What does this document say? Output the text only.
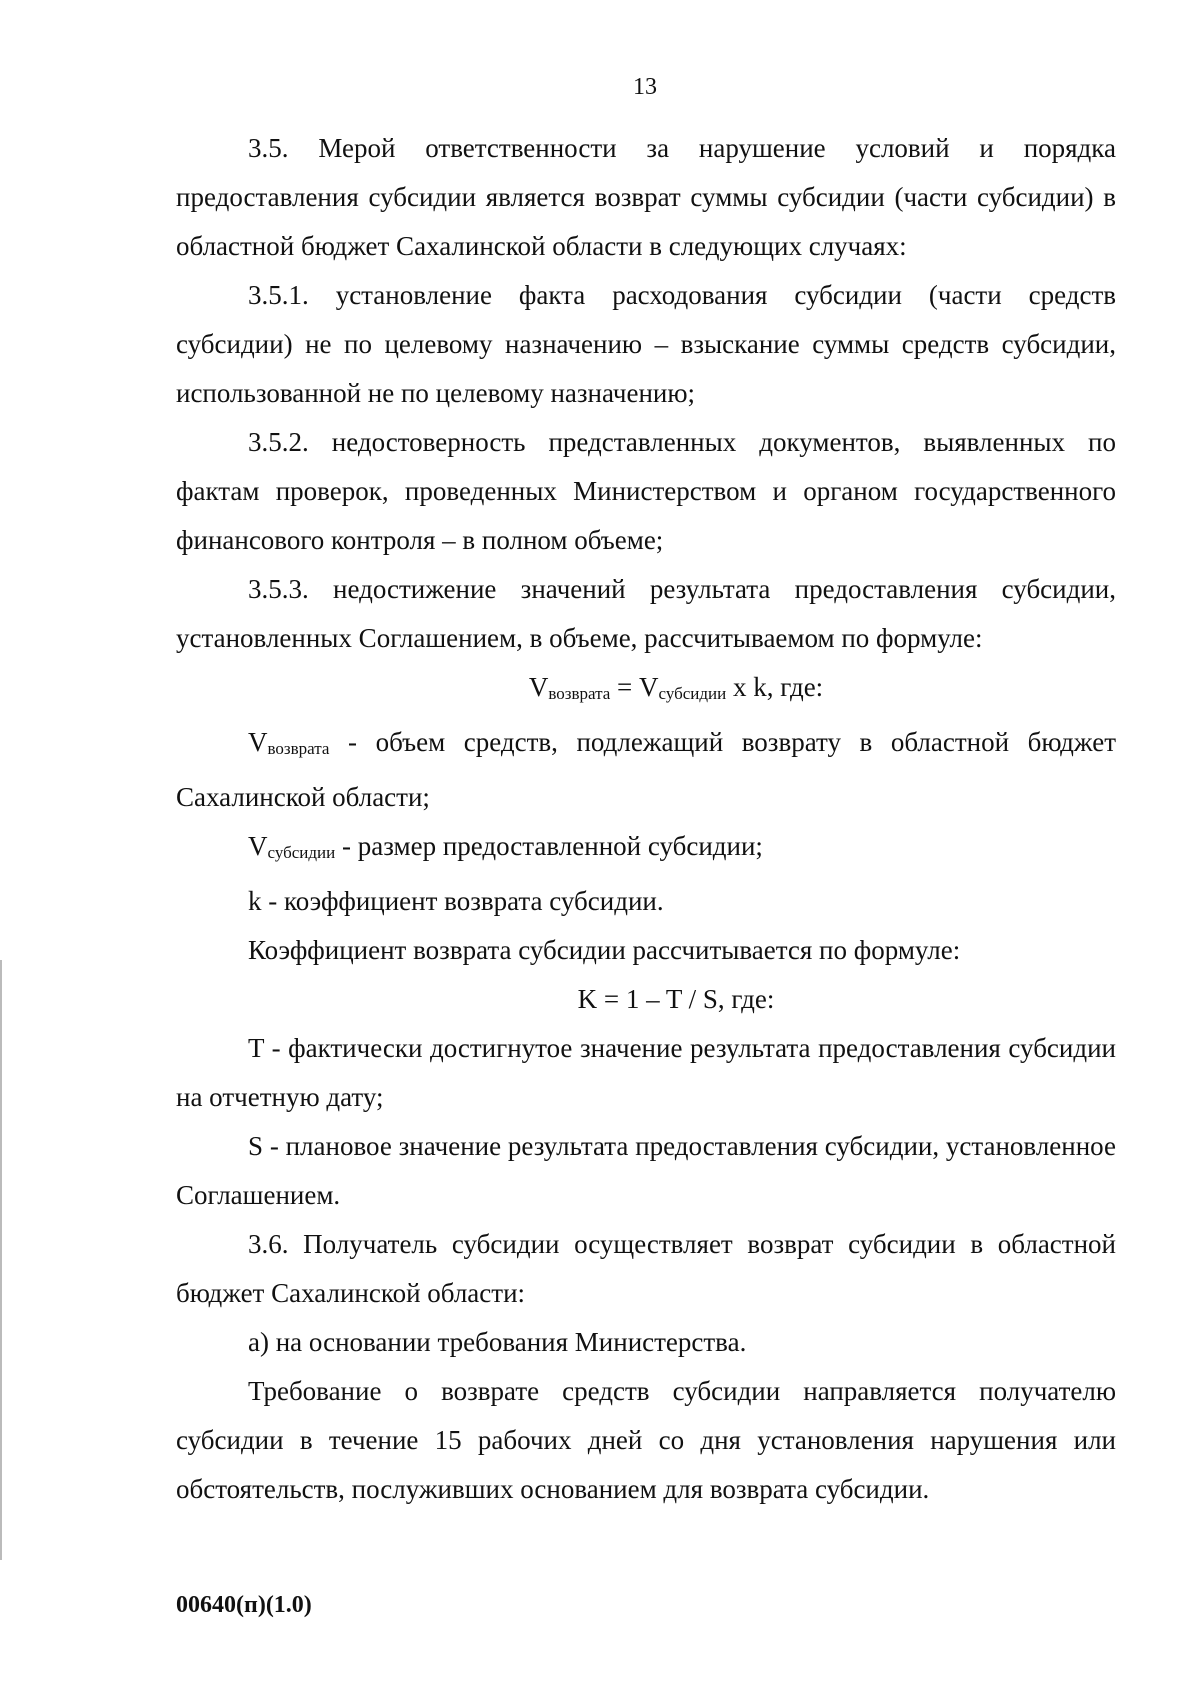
13

3.5. Мерой ответственности за нарушение условий и порядка предоставления субсидии является возврат суммы субсидии (части субсидии) в областной бюджет Сахалинской области в следующих случаях:

3.5.1. установление факта расходования субсидии (части средств субсидии) не по целевому назначению – взыскание суммы средств субсидии, использованной не по целевому назначению;

3.5.2. недостоверность представленных документов, выявленных по фактам проверок, проведенных Министерством и органом государственного финансового контроля – в полном объеме;

3.5.3. недостижение значений результата предоставления субсидии, установленных Соглашением, в объеме, рассчитываемом по формуле:

Vвозврата = Vсубсидии x k, где:

Vвозврата - объем средств, подлежащий возврату в областной бюджет Сахалинской области;

Vсубсидии - размер предоставленной субсидии;

k - коэффициент возврата субсидии.

Коэффициент возврата субсидии рассчитывается по формуле:

K = 1 – T / S, где:

T - фактически достигнутое значение результата предоставления субсидии на отчетную дату;

S - плановое значение результата предоставления субсидии, установленное Соглашением.

3.6. Получатель субсидии осуществляет возврат субсидии в областной бюджет Сахалинской области:

а) на основании требования Министерства.

Требование о возврате средств субсидии направляется получателю субсидии в течение 15 рабочих дней со дня установления нарушения или обстоятельств, послуживших основанием для возврата субсидии.

00640(п)(1.0)
